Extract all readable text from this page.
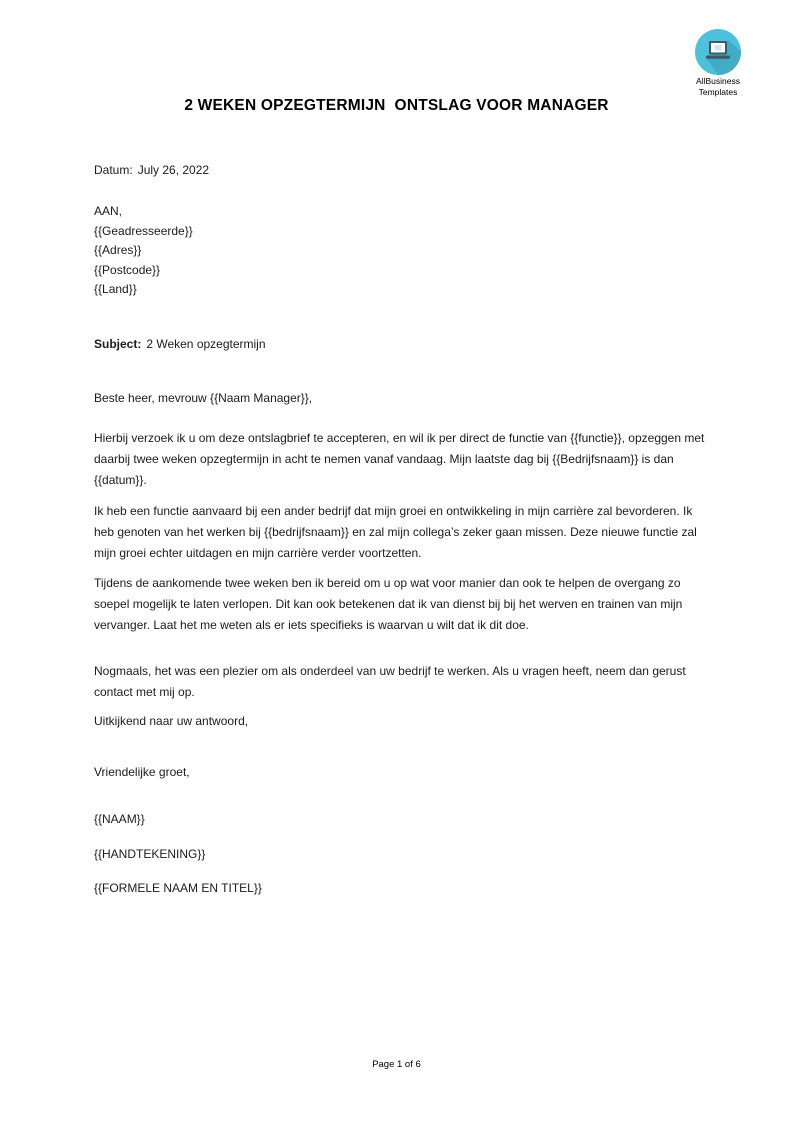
AllBusiness
Templates
2 WEKEN OPZEGTERMIJN  ONTSLAG VOOR MANAGER
Datum: July 26, 2022
AAN,
{{Geadresseerde}}
{{Adres}}
{{Postcode}}
{{Land}}
Subject: 2 Weken opzegtermijn
Beste heer, mevrouw {{Naam Manager}},
Hierbij verzoek ik u om deze ontslagbrief te accepteren, en wil ik per direct de functie van {{functie}}, opzeggen met daarbij twee weken opzegtermijn in acht te nemen vanaf vandaag. Mijn laatste dag bij {{Bedrijfsnaam}} is dan {{datum}}.
Ik heb een functie aanvaard bij een ander bedrijf dat mijn groei en ontwikkeling in mijn carrière zal bevorderen. Ik heb genoten van het werken bij {{bedrijfsnaam}} en zal mijn collega’s zeker gaan missen. Deze nieuwe functie zal mijn groei echter uitdagen en mijn carrière verder voortzetten.
Tijdens de aankomende twee weken ben ik bereid om u op wat voor manier dan ook te helpen de overgang zo soepel mogelijk te laten verlopen. Dit kan ook betekenen dat ik van dienst bij bij het werven en trainen van mijn vervanger. Laat het me weten als er iets specifieks is waarvan u wilt dat ik dit doe.
Nogmaals, het was een plezier om als onderdeel van uw bedrijf te werken. Als u vragen heeft, neem dan gerust contact met mij op.
Uitkijkend naar uw antwoord,
Vriendelijke groet,
{{NAAM}}
{{HANDTEKENING}}
{{FORMELE NAAM EN TITEL}}
Page 1 of 6
